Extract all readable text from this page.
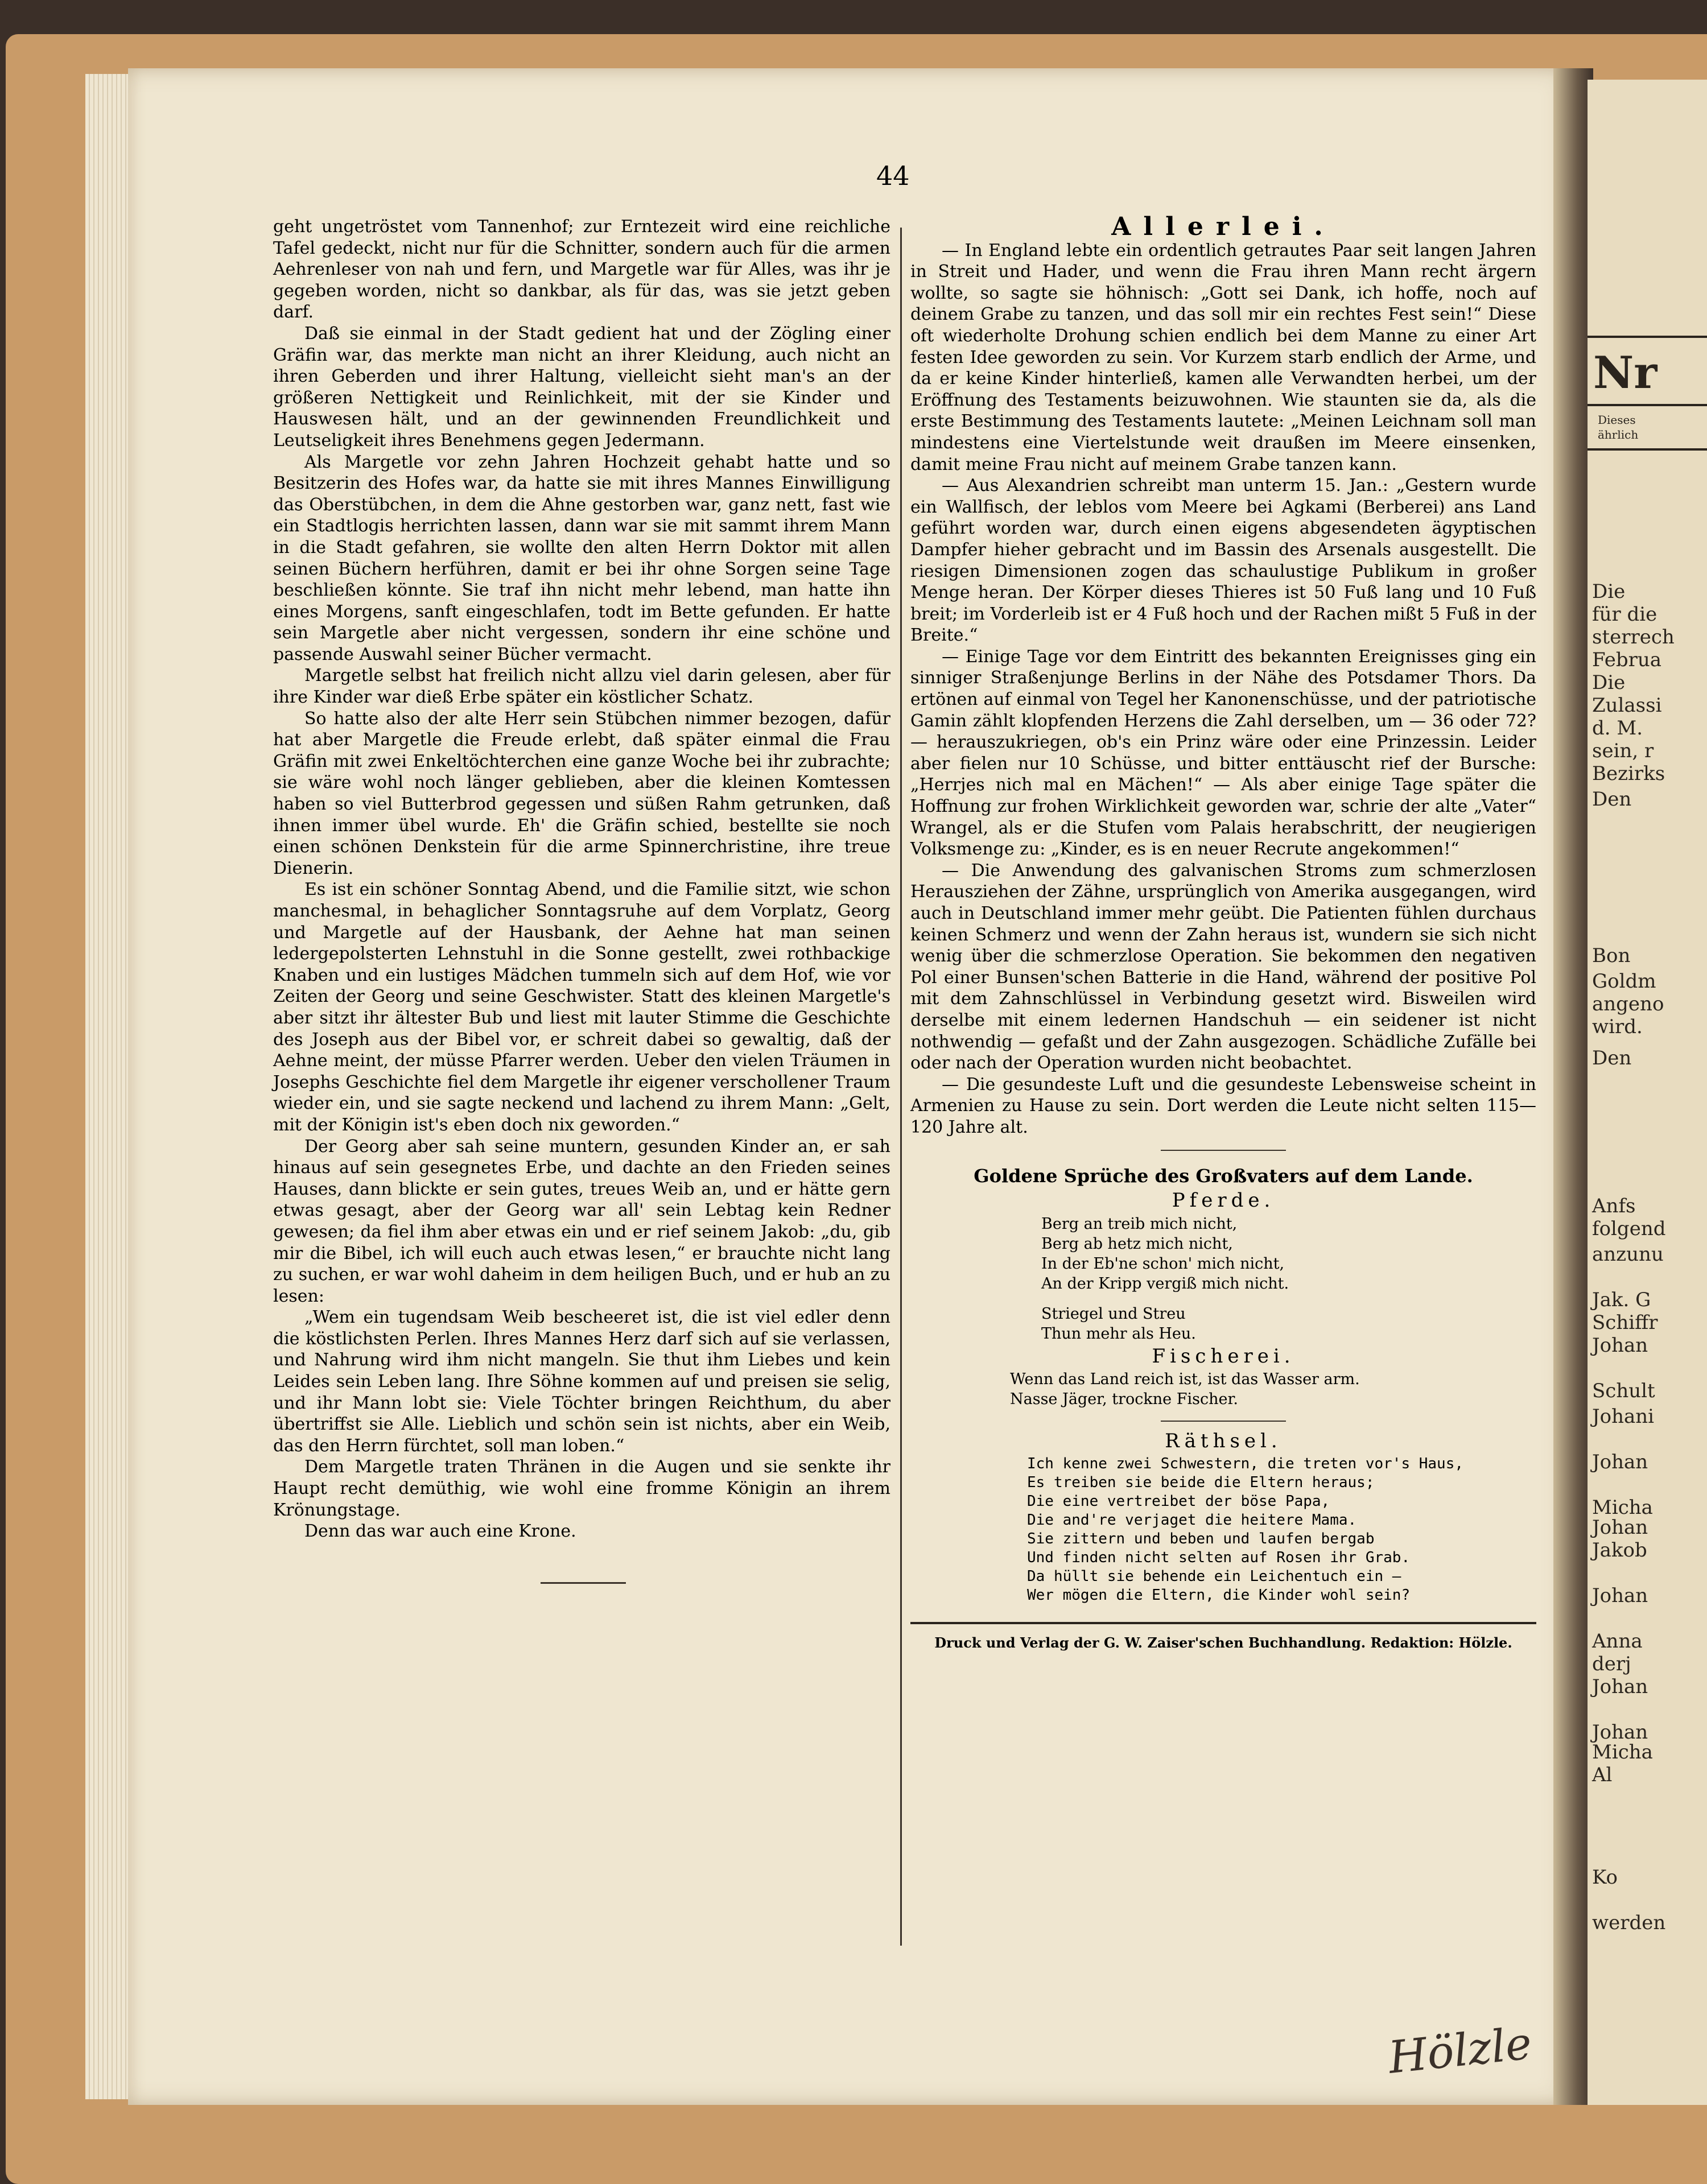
44

geht ungetröstet vom Tannenhof; zur Erntezeit wird eine reichliche Tafel gedeckt, nicht nur für die Schnitter, sondern auch für die armen Aehrenleser von nah und fern, und Margetle war für Alles, was ihr je gegeben worden, nicht so dankbar, als für das, was sie jetzt geben darf.

Daß sie einmal in der Stadt gedient hat und der Zögling einer Gräfin war, das merkte man nicht an ihrer Kleidung, auch nicht an ihren Geberden und ihrer Haltung, vielleicht sieht man's an der größeren Nettigkeit und Reinlichkeit, mit der sie Kinder und Hauswesen hält, und an der gewinnenden Freundlichkeit und Leutseligkeit ihres Benehmens gegen Jedermann.

Als Margetle vor zehn Jahren Hochzeit gehabt hatte und so Besitzerin des Hofes war, da hatte sie mit ihres Mannes Einwilligung das Oberstübchen, in dem die Ahne gestorben war, ganz nett, fast wie ein Stadtlogis herrichten lassen, dann war sie mit sammt ihrem Mann in die Stadt gefahren, sie wollte den alten Herrn Doktor mit allen seinen Büchern herführen, damit er bei ihr ohne Sorgen seine Tage beschließen könnte. Sie traf ihn nicht mehr lebend, man hatte ihn eines Morgens, sanft eingeschlafen, todt im Bette gefunden. Er hatte sein Margetle aber nicht vergessen, sondern ihr eine schöne und passende Auswahl seiner Bücher vermacht.

Margetle selbst hat freilich nicht allzu viel darin gelesen, aber für ihre Kinder war dieß Erbe später ein köstlicher Schatz.

So hatte also der alte Herr sein Stübchen nimmer bezogen, dafür hat aber Margetle die Freude erlebt, daß später einmal die Frau Gräfin mit zwei Enkeltöchterchen eine ganze Woche bei ihr zubrachte; sie wäre wohl noch länger geblieben, aber die kleinen Komtessen haben so viel Butterbrod gegessen und süßen Rahm getrunken, daß ihnen immer übel wurde. Eh' die Gräfin schied, bestellte sie noch einen schönen Denkstein für die arme Spinnerchristine, ihre treue Dienerin.

Es ist ein schöner Sonntag Abend, und die Familie sitzt, wie schon manchesmal, in behaglicher Sonntagsruhe auf dem Vorplatz, Georg und Margetle auf der Hausbank, der Aehne hat man seinen ledergepolsterten Lehnstuhl in die Sonne gestellt, zwei rothbackige Knaben und ein lustiges Mädchen tummeln sich auf dem Hof, wie vor Zeiten der Georg und seine Geschwister. Statt des kleinen Margetle's aber sitzt ihr ältester Bub und liest mit lauter Stimme die Geschichte des Joseph aus der Bibel vor, er schreit dabei so gewaltig, daß der Aehne meint, der müsse Pfarrer werden. Ueber den vielen Träumen in Josephs Geschichte fiel dem Margetle ihr eigener verschollener Traum wieder ein, und sie sagte neckend und lachend zu ihrem Mann: „Gelt, mit der Königin ist's eben doch nix geworden.“

Der Georg aber sah seine muntern, gesunden Kinder an, er sah hinaus auf sein gesegnetes Erbe, und dachte an den Frieden seines Hauses, dann blickte er sein gutes, treues Weib an, und er hätte gern etwas gesagt, aber der Georg war all' sein Lebtag kein Redner gewesen; da fiel ihm aber etwas ein und er rief seinem Jakob: „du, gib mir die Bibel, ich will euch auch etwas lesen,“ er brauchte nicht lang zu suchen, er war wohl daheim in dem heiligen Buch, und er hub an zu lesen:

„Wem ein tugendsam Weib bescheeret ist, die ist viel edler denn die köstlichsten Perlen. Ihres Mannes Herz darf sich auf sie verlassen, und Nahrung wird ihm nicht mangeln. Sie thut ihm Liebes und kein Leides sein Leben lang. Ihre Söhne kommen auf und preisen sie selig, und ihr Mann lobt sie: Viele Töchter bringen Reichthum, du aber übertriffst sie Alle. Lieblich und schön sein ist nichts, aber ein Weib, das den Herrn fürchtet, soll man loben.“

Dem Margetle traten Thränen in die Augen und sie senkte ihr Haupt recht demüthig, wie wohl eine fromme Königin an ihrem Krönungstage.

Denn das war auch eine Krone.

Allerlei.

— In England lebte ein ordentlich getrautes Paar seit langen Jahren in Streit und Hader, und wenn die Frau ihren Mann recht ärgern wollte, so sagte sie höhnisch: „Gott sei Dank, ich hoffe, noch auf deinem Grabe zu tanzen, und das soll mir ein rechtes Fest sein!“ Diese oft wiederholte Drohung schien endlich bei dem Manne zu einer Art festen Idee geworden zu sein. Vor Kurzem starb endlich der Arme, und da er keine Kinder hinterließ, kamen alle Verwandten herbei, um der Eröffnung des Testaments beizuwohnen. Wie staunten sie da, als die erste Bestimmung des Testaments lautete: „Meinen Leichnam soll man mindestens eine Viertelstunde weit draußen im Meere einsenken, damit meine Frau nicht auf meinem Grabe tanzen kann.

— Aus Alexandrien schreibt man unterm 15. Jan.: „Gestern wurde ein Wallfisch, der leblos vom Meere bei Agkami (Berberei) ans Land geführt worden war, durch einen eigens abgesendeten ägyptischen Dampfer hieher gebracht und im Bassin des Arsenals ausgestellt. Die riesigen Dimensionen zogen das schaulustige Publikum in großer Menge heran. Der Körper dieses Thieres ist 50 Fuß lang und 10 Fuß breit; im Vorderleib ist er 4 Fuß hoch und der Rachen mißt 5 Fuß in der Breite.“

— Einige Tage vor dem Eintritt des bekannten Ereignisses ging ein sinniger Straßenjunge Berlins in der Nähe des Potsdamer Thors. Da ertönen auf einmal von Tegel her Kanonenschüsse, und der patriotische Gamin zählt klopfenden Herzens die Zahl derselben, um — 36 oder 72? — herauszukriegen, ob's ein Prinz wäre oder eine Prinzessin. Leider aber fielen nur 10 Schüsse, und bitter enttäuscht rief der Bursche: „Herrjes nich mal en Mächen!“ — Als aber einige Tage später die Hoffnung zur frohen Wirklichkeit geworden war, schrie der alte „Vater“ Wrangel, als er die Stufen vom Palais herabschritt, der neugierigen Volksmenge zu: „Kinder, es is en neuer Recrute angekommen!“

— Die Anwendung des galvanischen Stroms zum schmerzlosen Herausziehen der Zähne, ursprünglich von Amerika ausgegangen, wird auch in Deutschland immer mehr geübt. Die Patienten fühlen durchaus keinen Schmerz und wenn der Zahn heraus ist, wundern sie sich nicht wenig über die schmerzlose Operation. Sie bekommen den negativen Pol einer Bunsen'schen Batterie in die Hand, während der positive Pol mit dem Zahnschlüssel in Verbindung gesetzt wird. Bisweilen wird derselbe mit einem ledernen Handschuh — ein seidener ist nicht nothwendig — gefaßt und der Zahn ausgezogen. Schädliche Zufälle bei oder nach der Operation wurden nicht beobachtet.

— Die gesundeste Luft und die gesundeste Lebensweise scheint in Armenien zu Hause zu sein. Dort werden die Leute nicht selten 115—120 Jahre alt.

Goldene Sprüche des Großvaters auf dem Lande.
Pferde.
Berg an treib mich nicht,
Berg ab hetz mich nicht,
In der Eb'ne schon' mich nicht,
An der Kripp vergiß mich nicht.
Striegel und Streu
Thun mehr als Heu.
Fischerei.
Wenn das Land reich ist, ist das Wasser arm.
Nasse Jäger, trockne Fischer.
Räthsel.
Ich kenne zwei Schwestern, die treten vor's Haus,
Es treiben sie beide die Eltern heraus;
Die eine vertreibet der böse Papa,
Die and're verjaget die heitere Mama.
Sie zittern und beben und laufen bergab
Und finden nicht selten auf Rosen ihr Grab.
Da hüllt sie behende ein Leichentuch ein —
Wer mögen die Eltern, die Kinder wohl sein?
Druck und Verlag der G. W. Zaiser'schen Buchhandlung. Redaktion: Hölzle.
Hölzle
Nr
Dieses
ährlich
Die
für die
sterrech
Februa
Die
Zulassi
d. M.
sein, r
Bezirks
Den
Bon
Goldm
angeno
wird.
Den
Anfs
folgend
anzunu
Jak. G
Schiffr
Johan
Schult
Johani
Johan
Micha
Johan
Jakob
Johan
Anna
derj
Johan
Johan
Micha
Al
Ko
werden
